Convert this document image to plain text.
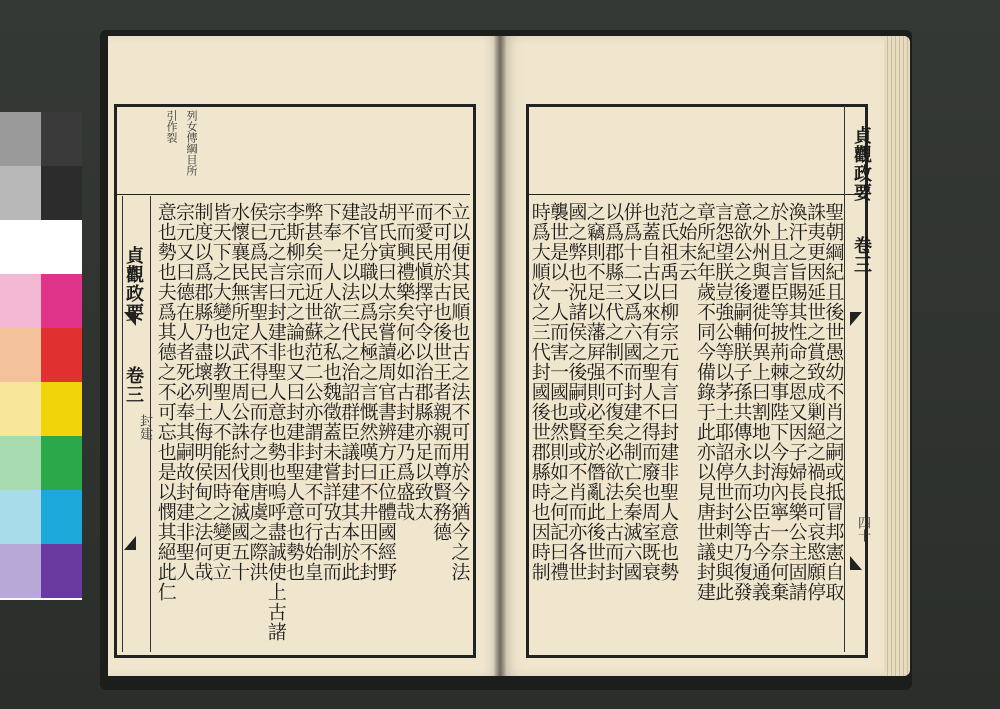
引作裂 列女傳綱目所
貞觀政要
卷三
封建	立以便其民順也古之法不可用於今猶今之法
不可用於古也後世王者親親而尊賢務德
而愛民愼擇守令以治郡縣亦足以致太
平而興禮樂矣何必如古封建乃爲盛哉
胡氏寅曰太宗嘗讀周官書辨方正位體國經野
設官分職以爲民極之言慨然嘆曰不井田不封
建不足以法三代之治詔群臣議封建其本於此
下奉一人人欲之私也魏徵蓋未嘗詳攷古制而
弊甚矣而近世蘇范二公亦謂封建不可行始皇
李斯柳宗元之論也又曰封建非聖人意也勢也
宗元之言曰封建非聖人意也勢也嗚呼盡誠使上古諸
侯已爲民害聖人不得已而存之則唐虞之際洪
水懷襄民無所定武王周公誅紂伐奄滅國五十
皆天下之大變也以教聖人不能因時之變更立
制度以爲郡縣乃盡壞列土侮明侯甸之法何哉
宗元又曰德在人者死必奉其嗣故封建非聖人
意也勢也夫爲其德之不可忘也是以憫其絕此仁
貞觀政要
卷三
四十
聖朝綱紀且後世愚幼不肖之嗣或抵冒邦憲自取
誅夷更因延世之賞致成剿絕之禍良可哀愍願停
渙汗之旨賜其性命之恩又因子婦長樂公主固請
於上且言臣等披荊棘事陛下今海內寧一奈何棄
之外州與遷徙何異上曰割地以封功臣古今通義
意欲公之後嗣輔朕子孫共傳永久而公等乃復發
言怨望朕豈強公等以茅土耶詔停世封刺史與此
章所紀年歲不同今備錄于此亦以見唐世議封建
之始末云
范氏祖禹曰柳宗元有言曰封建非聖人意也勢
也蓋自古以來有之聖人不得而廢也周室既衰
併爲十二又爲六國而封建之制亡矣秦滅六國
以爲郡縣三代之制不可復矣必欲法上古而封
之竊則不足以藩屛强則必至於僭亂此後世封
國之弊也況諸侯之後嗣或賢或不肖而亦各世
襲世是以一人而害一國也然則如之何記曰禮
時爲大順次之三代封國後世郡縣時也因時制
